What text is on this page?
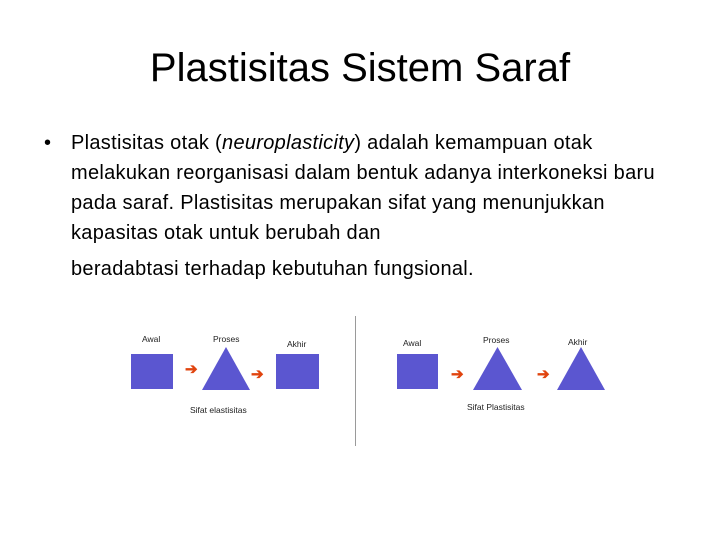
Plastisitas Sistem Saraf
• Plastisitas otak (neuroplasticity) adalah kemampuan otak melakukan reorganisasi dalam bentuk adanya interkoneksi baru pada saraf. Plastisitas merupakan sifat yang menunjukkan kapasitas otak untuk berubah dan
beradabtasi terhadap kebutuhan fungsional.
Awal	Proses	Akhir
➔	➔
Sifat elastisitas
Awal	Proses	Akhir
➔	➔
Sifat Plastisitas
